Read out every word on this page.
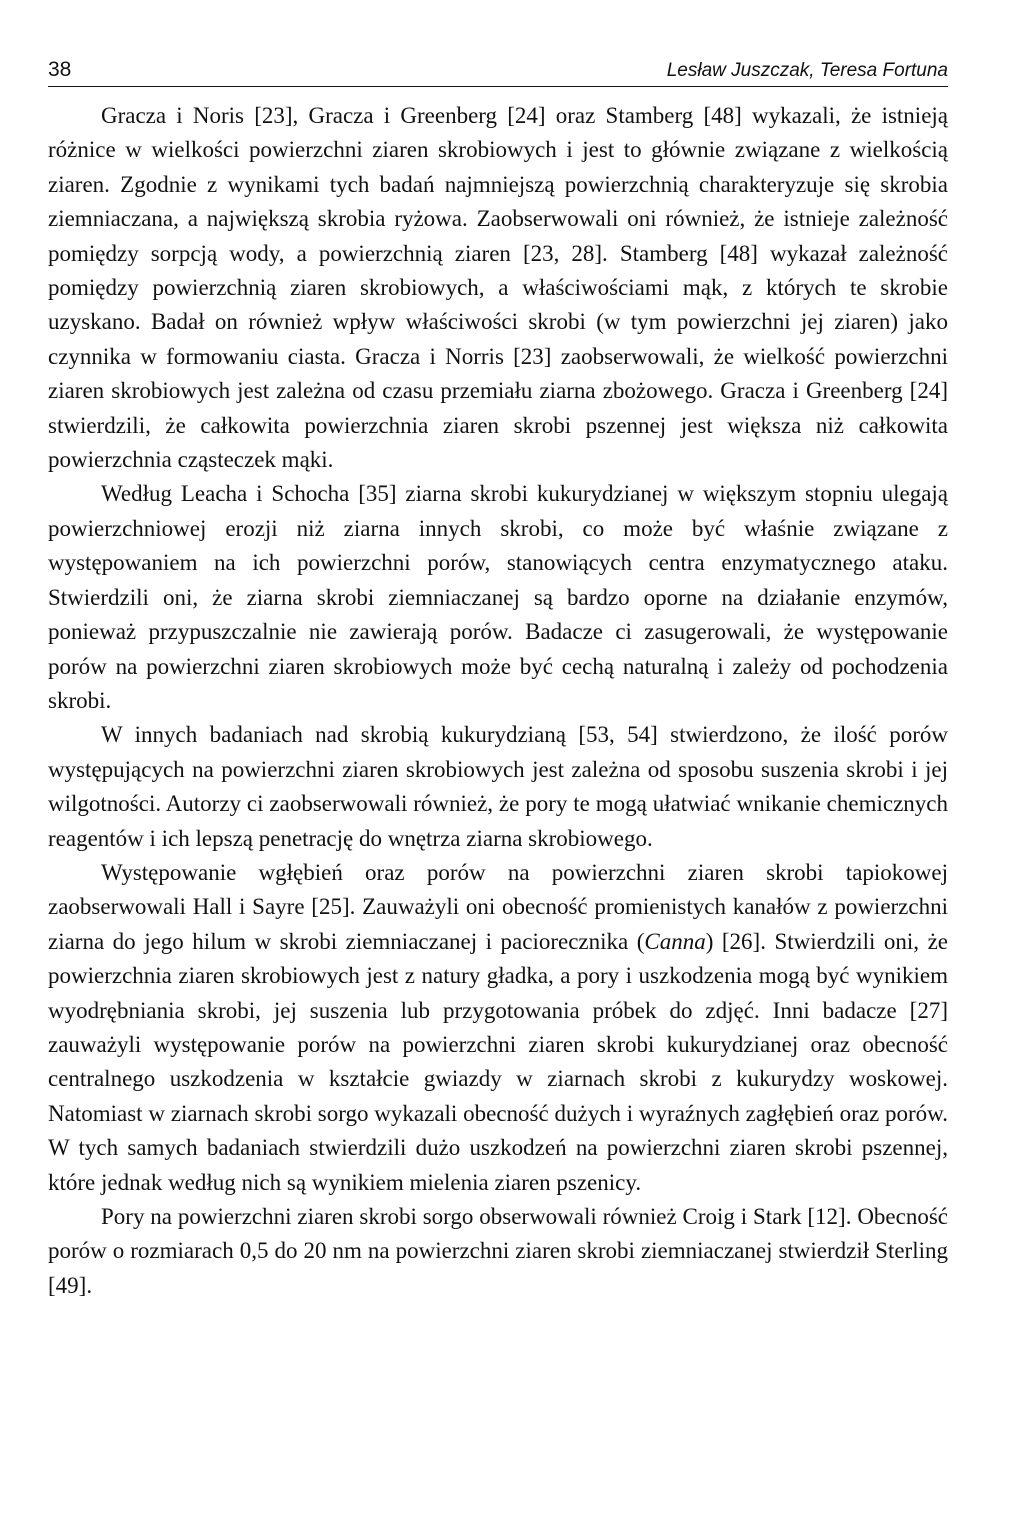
38	Lesław Juszczak, Teresa Fortuna

Gracza i Noris [23], Gracza i Greenberg [24] oraz Stamberg [48] wykazali, że istnieją różnice w wielkości powierzchni ziaren skrobiowych i jest to głównie związane z wielkością ziaren. Zgodnie z wynikami tych badań najmniejszą powierzchnią charakteryzuje się skrobia ziemniaczana, a największą skrobia ryżowa. Zaobserwowali oni również, że istnieje zależność pomiędzy sorpcją wody, a powierzchnią ziaren [23, 28]. Stamberg [48] wykazał zależność pomiędzy powierzchnią ziaren skrobiowych, a właściwościami mąk, z których te skrobie uzyskano. Badał on również wpływ właściwości skrobi (w tym powierzchni jej ziaren) jako czynnika w formowaniu ciasta. Gracza i Norris [23] zaobserwowali, że wielkość powierzchni ziaren skrobiowych jest zależna od czasu przemiału ziarna zbożowego. Gracza i Greenberg [24] stwierdzili, że całkowita powierzchnia ziaren skrobi pszennej jest większa niż całkowita powierzchnia cząsteczek mąki.

Według Leacha i Schocha [35] ziarna skrobi kukurydzianej w większym stopniu ulegają powierzchniowej erozji niż ziarna innych skrobi, co może być właśnie związane z występowaniem na ich powierzchni porów, stanowiących centra enzymatycznego ataku. Stwierdzili oni, że ziarna skrobi ziemniaczanej są bardzo oporne na działanie enzymów, ponieważ przypuszczalnie nie zawierają porów. Badacze ci zasugerowali, że występowanie porów na powierzchni ziaren skrobiowych może być cechą naturalną i zależy od pochodzenia skrobi.

W innych badaniach nad skrobią kukurydzianą [53, 54] stwierdzono, że ilość porów występujących na powierzchni ziaren skrobiowych jest zależna od sposobu suszenia skrobi i jej wilgotności. Autorzy ci zaobserwowali również, że pory te mogą ułatwiać wnikanie chemicznych reagentów i ich lepszą penetrację do wnętrza ziarna skrobiowego.

Występowanie wgłębień oraz porów na powierzchni ziaren skrobi tapiokowej zaobserwowali Hall i Sayre [25]. Zauważyli oni obecność promienistych kanałów z powierzchni ziarna do jego hilum w skrobi ziemniaczanej i paciorecznika (Canna) [26]. Stwierdzili oni, że powierzchnia ziaren skrobiowych jest z natury gładka, a pory i uszkodzenia mogą być wynikiem wyodrębniania skrobi, jej suszenia lub przygotowania próbek do zdjęć. Inni badacze [27] zauważyli występowanie porów na powierzchni ziaren skrobi kukurydzianej oraz obecność centralnego uszkodzenia w kształcie gwiazdy w ziarnach skrobi z kukurydzy woskowej. Natomiast w ziarnach skrobi sorgo wykazali obecność dużych i wyraźnych zagłębień oraz porów. W tych samych badaniach stwierdzili dużo uszkodzeń na powierzchni ziaren skrobi pszennej, które jednak według nich są wynikiem mielenia ziaren pszenicy.

Pory na powierzchni ziaren skrobi sorgo obserwowali również Croig i Stark [12]. Obecność porów o rozmiarach 0,5 do 20 nm na powierzchni ziaren skrobi ziemniaczanej stwierdził Sterling [49].
